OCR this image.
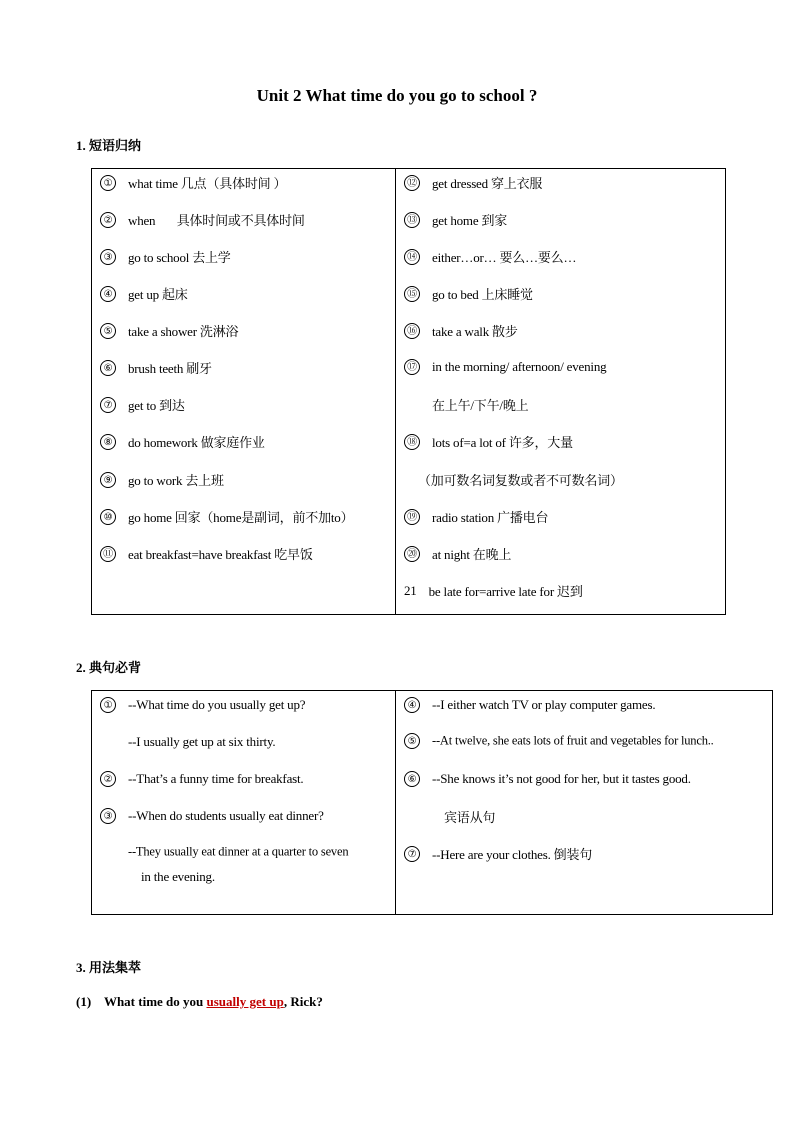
Unit 2 What time do you go to school ?
1. 短语归纳
① what time 几点（具体时间 ）
② when       具体时间或不具体时间
③ go to school 去上学
④ get up 起床
⑤ take a shower 洗淋浴
⑥ brush teeth 刷牙
⑦ get to 到达
⑧ do homework 做家庭作业
⑨ go to work 去上班
⑩ go home 回家（home是副词，前不加to）
⑪ eat breakfast=have breakfast 吃早饭
⑫ get dressed 穿上衣服
⑬ get home 到家
⑭ either…or… 要么…要么…
⑮ go to bed 上床睡觉
⑯ take a walk 散步
⑰ in the morning/ afternoon/ evening
在上午/下午/晚上
⑱ lots of=a lot of 许多，大量
（加可数名词复数或者不可数名词）
⑲ radio station 广播电台
⑳ at night 在晚上
21 be late for=arrive late for 迟到
2. 典句必背
① --What time do you usually get up?
--I usually get up at six thirty.
② --That’s a funny time for breakfast.
③ --When do students usually eat dinner?
--They usually eat dinner at a quarter to seven
in the evening.
④ --I either watch TV or play computer games.
⑤ --At twelve, she eats lots of fruit and vegetables for lunch..
⑥ --She knows it’s not good for her, but it tastes good.
宾语从句
⑦ --Here are your clothes. 倒装句
3. 用法集萃
(1) What time do you usually get up, Rick?
